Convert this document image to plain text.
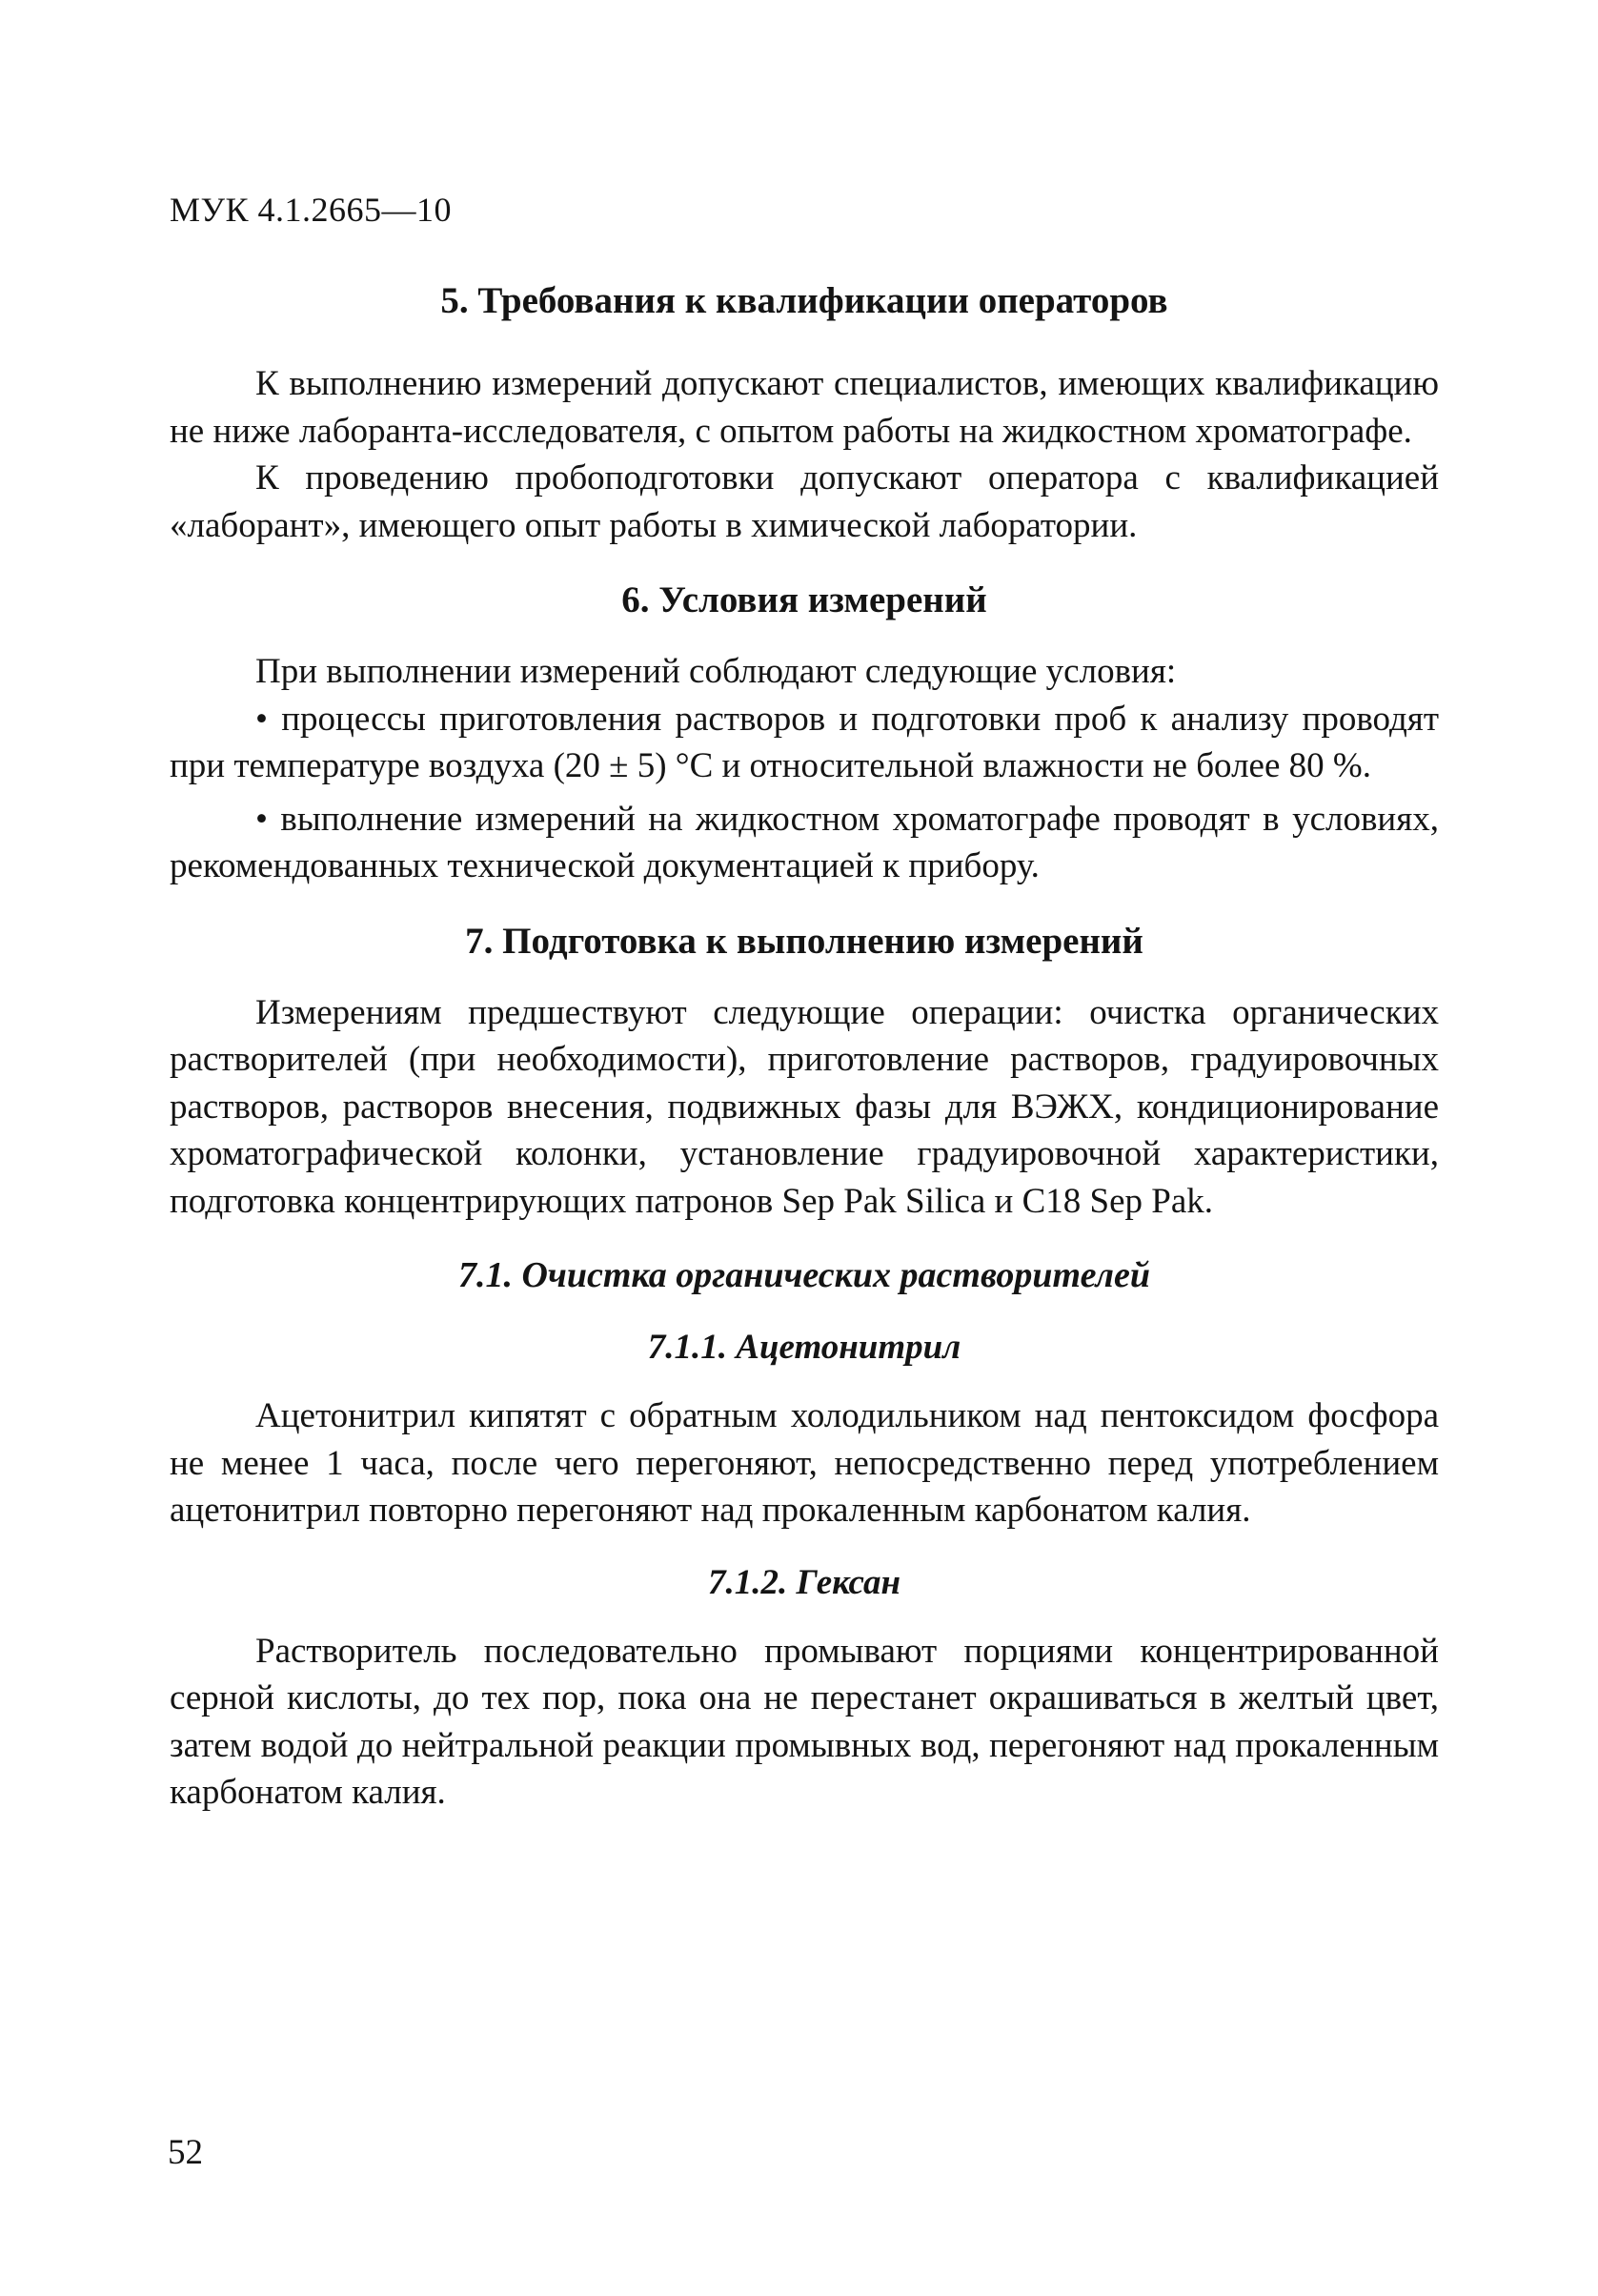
МУК 4.1.2665—10
5. Требования к квалификации операторов

К выполнению измерений допускают специалистов, имеющих квалификацию не ниже лаборанта-исследователя, с опытом работы на жидкостном хроматографе.

К проведению пробоподготовки допускают оператора с квалификацией «лаборант», имеющего опыт работы в химической лаборатории.

6. Условия измерений

При выполнении измерений соблюдают следующие условия:

• процессы приготовления растворов и подготовки проб к анализу проводят при температуре воздуха (20 ± 5) °С и относительной влажности не более 80 %.

• выполнение измерений на жидкостном хроматографе проводят в условиях, рекомендованных технической документацией к прибору.

7. Подготовка к выполнению измерений

Измерениям предшествуют следующие операции: очистка органических растворителей (при необходимости), приготовление растворов, градуировочных растворов, растворов внесения, подвижных фазы для ВЭЖХ, кондиционирование хроматографической колонки, установление градуировочной характеристики, подготовка концентрирующих патронов Sep Pak Silica и С18 Sep Pak.

7.1. Очистка органических растворителей
7.1.1. Ацетонитрил

Ацетонитрил кипятят с обратным холодильником над пентоксидом фосфора не менее 1 часа, после чего перегоняют, непосредственно перед употреблением ацетонитрил повторно перегоняют над прокаленным карбонатом калия.

7.1.2. Гексан

Растворитель последовательно промывают порциями концентрированной серной кислоты, до тех пор, пока она не перестанет окрашиваться в желтый цвет, затем водой до нейтральной реакции промывных вод, перегоняют над прокаленным карбонатом калия.

52
